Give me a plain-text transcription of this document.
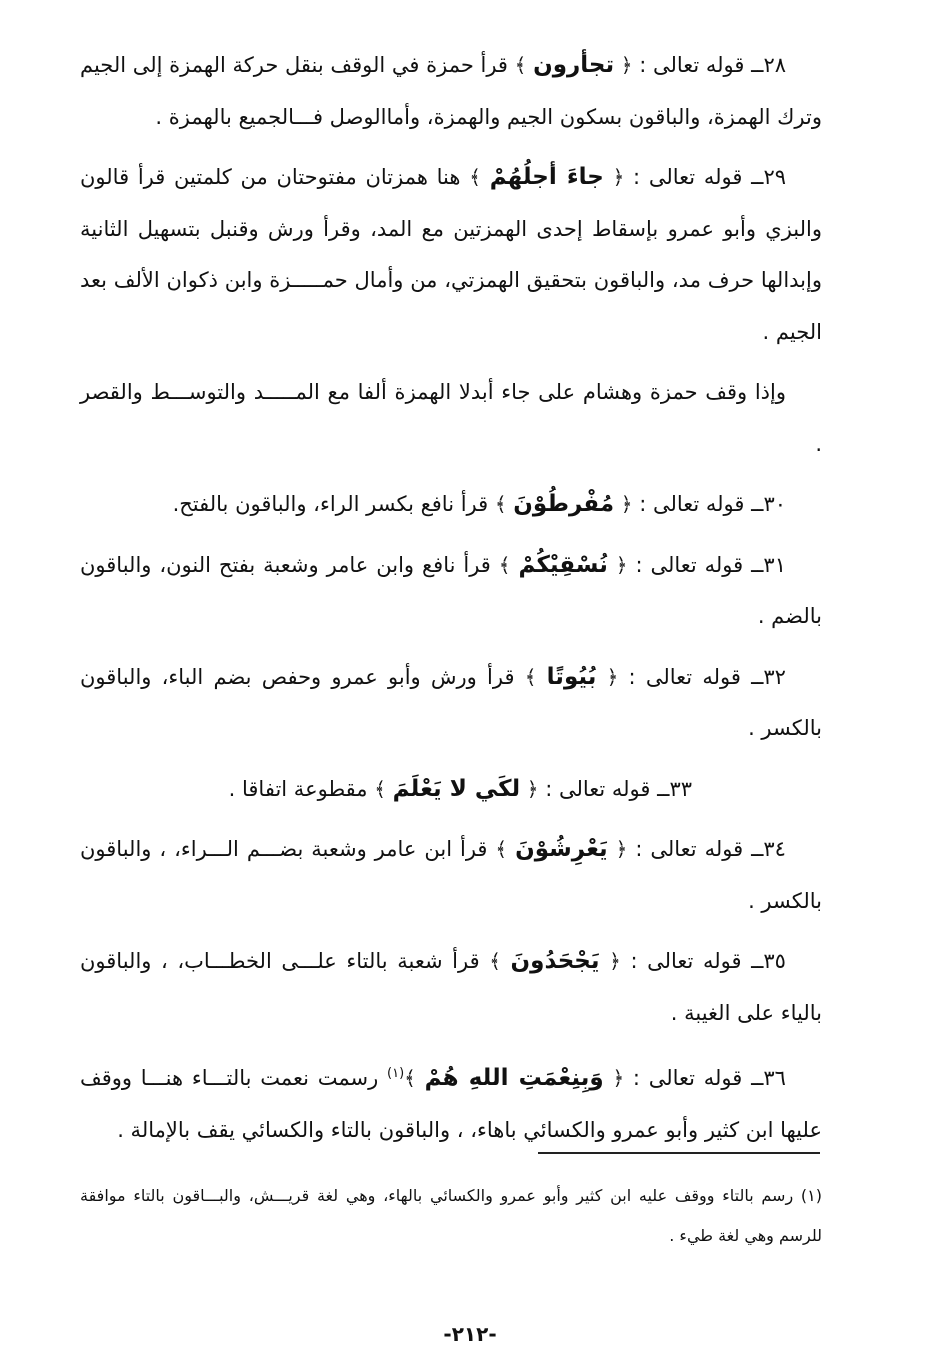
٢٨ــ قوله تعالى : ﴿ تجأرون ﴾ قرأ حمزة في الوقف بنقل حركة الهمزة إلى الجيم وترك الهمزة، والباقون بسكون الجيم والهمزة، وأماالوصل فـــالجميع بالهمزة .

٢٩ــ قوله تعالى : ﴿ جاءَ أجلُهُمْ ﴾ هنا همزتان مفتوحتان من كلمتين قرأ قالون والبزي وأبو عمرو بإسقاط إحدى الهمزتين مع المد، وقرأ ورش وقنبل بتسهيل الثانية وإبدالها حرف مد، والباقون بتحقيق الهمزتي، من وأمال حمـــــزة وابن ذكوان الألف بعد الجيم .

وإذا وقف حمزة وهشام على جاء أبدلا الهمزة ألفا مع المـــــد والتوســـط والقصر .

٣٠ــ قوله تعالى : ﴿ مُفْرطُوْنَ ﴾ قرأ نافع بكسر الراء، والباقون بالفتح.

٣١ــ قوله تعالى : ﴿ نُسْقِيْكُمْ ﴾ قرأ نافع وابن عامر وشعبة بفتح النون، والباقون بالضم .

٣٢ــ قوله تعالى : ﴿ بُيُوتًا ﴾ قرأ ورش وأبو عمرو وحفص بضم الباء، والباقون بالكسر .

٣٣ــ قوله تعالى : ﴿ لكَي لا يَعْلَمَ ﴾ مقطوعة اتفاقا .

٣٤ــ قوله تعالى : ﴿ يَعْرِشُوْنَ ﴾ قرأ ابن عامر وشعبة بضـــم الـــراء، ، والباقون بالكسر .

٣٥ــ قوله تعالى : ﴿ يَجْحَدُونَ ﴾ قرأ شعبة بالتاء علـــى الخطـــاب، ، والباقون بالياء على الغيبة .

٣٦ــ قوله تعالى : ﴿ وَبِنِعْمَتِ اللهِ هُمْ ﴾$^{(١)}$ رسمت نعمت بالتـــاء هنـــا ووقف عليها ابن كثير وأبو عمرو والكسائي باهاء، ، والباقون بالتاء والكسائي يقف بالإمالة .

(١) رسم بالتاء ووقف عليه ابن كثير وأبو عمرو والكسائي بالهاء، وهي لغة قريـــش، والبـــاقون بالتاء موافقة للرسم وهي لغة طيء .
-٢١٢-
